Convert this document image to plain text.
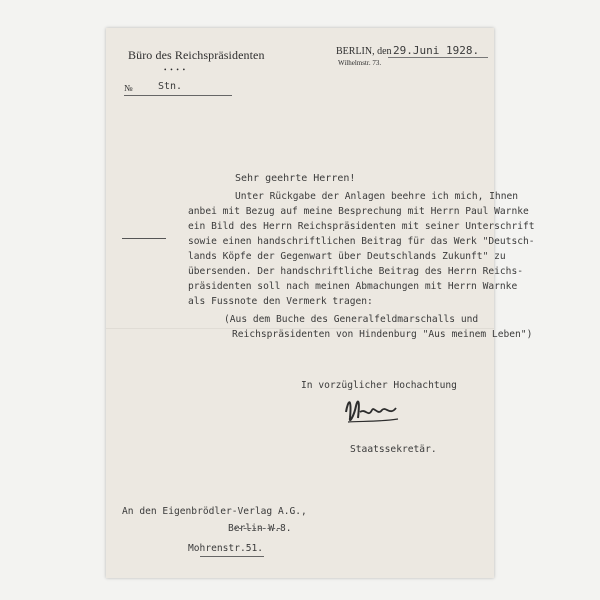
Büro des Reichspräsidenten
• • • •
№	Stn.
BERLIN, den 29.Juni 1928.
Wilhelmstr. 73.
Sehr geehrte Herren!
Unter Rückgabe der Anlagen beehre ich mich, Ihnen
anbei mit Bezug auf meine Besprechung mit Herrn Paul Warnke
ein Bild des Herrn Reichspräsidenten mit seiner Unterschrift
sowie einen handschriftlichen Beitrag für das Werk "Deutsch-
lands Köpfe der Gegenwart über Deutschlands Zukunft" zu
übersenden. Der handschriftliche Beitrag des Herrn Reichs-
präsidenten soll nach meinen Abmachungen mit Herrn Warnke
als Fussnote den Vermerk tragen:
(Aus dem Buche des Generalfeldmarschalls und
Reichspräsidenten von Hindenburg "Aus meinem Leben")
In vorzüglicher Hochachtung
Staatssekretär.
An den Eigenbrödler-Verlag A.G.,
Berlin W.8.
Mohrenstr.51.
